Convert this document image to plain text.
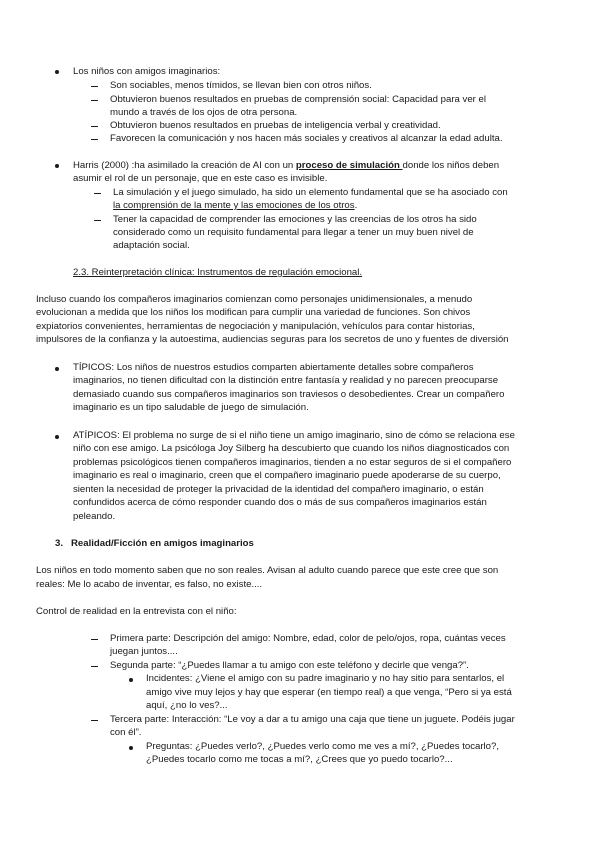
Los niños con amigos imaginarios:
Son sociables, menos tímidos, se llevan bien con otros niños.
Obtuvieron buenos resultados en pruebas de comprensión social: Capacidad para ver el
mundo a través de los ojos de otra persona.
Obtuvieron buenos resultados en pruebas de inteligencia verbal y creatividad.
Favorecen la comunicación y nos hacen más sociales y creativos al alcanzar la edad adulta.
Harris (2000) :ha asimilado la creación de AI con un proceso de simulación donde los niños deben
asumir el rol de un personaje, que en este caso es invisible.
La simulación y el juego simulado, ha sido un elemento fundamental que se ha asociado con
la comprensión de la mente y las emociones de los otros.
Tener la capacidad de comprender las emociones y las creencias de los otros ha sido
considerado como un requisito fundamental para llegar a tener un muy buen nivel de
adaptación social.
2.3. Reinterpretación clínica: Instrumentos de regulación emocional.
Incluso cuando los compañeros imaginarios comienzan como personajes unidimensionales, a menudo
evolucionan a medida que los niños los modifican para cumplir una variedad de funciones. Son chivos
expiatorios convenientes, herramientas de negociación y manipulación, vehículos para contar historias,
impulsores de la confianza y la autoestima, audiencias seguras para los secretos de uno y fuentes de diversión
TÍPICOS: Los niños de nuestros estudios comparten abiertamente detalles sobre compañeros
imaginarios, no tienen dificultad con la distinción entre fantasía y realidad y no parecen preocuparse
demasiado cuando sus compañeros imaginarios son traviesos o desobedientes. Crear un compañero
imaginario es un tipo saludable de juego de simulación.
ATÍPICOS: El problema no surge de si el niño tiene un amigo imaginario, sino de cómo se relaciona ese
niño con ese amigo. La psicóloga Joy Silberg ha descubierto que cuando los niños diagnosticados con
problemas psicológicos tienen compañeros imaginarios, tienden a no estar seguros de si el compañero
imaginario es real o imaginario, creen que el compañero imaginario puede apoderarse de su cuerpo,
sienten la necesidad de proteger la privacidad de la identidad del compañero imaginario, o están
confundidos acerca de cómo responder cuando dos o más de sus compañeros imaginarios están
peleando.
3.   Realidad/Ficción en amigos imaginarios
Los niños en todo momento saben que no son reales. Avisan al adulto cuando parece que este cree que son
reales: Me lo acabo de inventar, es falso, no existe....
Control de realidad en la entrevista con el niño:
Primera parte: Descripción del amigo: Nombre, edad, color de pelo/ojos, ropa, cuántas veces
juegan juntos....
Segunda parte: “¿Puedes llamar a tu amigo con este teléfono y decirle que venga?”.
Incidentes: ¿Viene el amigo con su padre imaginario y no hay sitio para sentarlos, el
amigo vive muy lejos y hay que esperar (en tiempo real) a que venga, “Pero si ya está
aquí, ¿no lo ves?...
Tercera parte: Interacción: “Le voy a dar a tu amigo una caja que tiene un juguete. Podéis jugar
con él”.
Preguntas: ¿Puedes verlo?, ¿Puedes verlo como me ves a mí?, ¿Puedes tocarlo?,
¿Puedes tocarlo como me tocas a mí?, ¿Crees que yo puedo tocarlo?...
